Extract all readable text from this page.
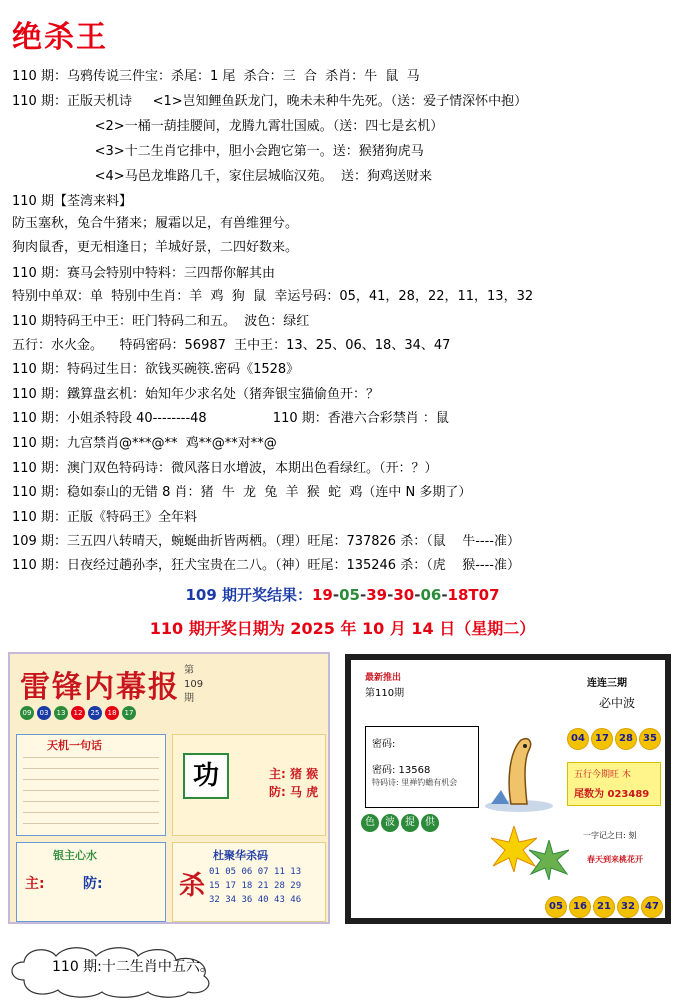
绝杀王
110 期：乌鸦传说三件宝：杀尾：1 尾  杀合：三  合  杀肖：牛  鼠  马
110 期：正版天机诗     <1>岂知鲤鱼跃龙门，晚未未种牛先死。（送：爱子情深怀中抱）
<2>一桶一葫挂腰间，龙腾九霄壮国威。（送：四七是玄机）
<3>十二生肖它排中，胆小会跑它第一。送：猴猪狗虎马
<4>马邑龙堆路几千，家住层城临汉苑。  送：狗鸡送财来
110 期【荃湾来料】
防玉塞秋，兔合牛猪来；履霜以足，有兽维狸兮。
狗肉鼠香，更无相逢日；羊城好景，二四好数来。
110 期：赛马会特别中特料：三四帮你解其由
特别中单双：单  特别中生肖：羊  鸡  狗  鼠  幸运号码：05，41，28，22，11，13，32
110 期特码王中王：旺门特码二和五。  波色：绿红
五行：水火金。    特码密码：56987  王中王：13、25、06、18、34、47
110 期：特码过生日：欲钱买碗筷.密码《1528》
110 期：鐵算盘玄机：始知年少求名处（猪奔银宝猫偷鱼开：？
110 期：小姐杀特段 40--------48                110 期：香港六合彩禁肖 ：鼠
110 期：九宫禁肖@***@**  鸡**@**对**@
110 期：澳门双色特码诗：微风落日水增波，本期出色看绿红。（开：？）
110 期：稳如泰山的无错 8 肖：猪  牛  龙  兔  羊  猴  蛇  鸡（连中 N 多期了）
110 期：正版《特码王》全年料
109 期：三五四八转晴天，蜿蜒曲折皆两栖。（理）旺尾：737826 杀：（鼠    牛----准）
110 期：日夜经过趟孙李，狂犬宝贵在二八。（神）旺尾：135246 杀：（虎    猴----准）
109 期开奖结果：19-05-39-30-06-18T07
110 期开奖日期为 2025 年 10 月 14 日（星期二）
雷锋内幕报 第109期
09	03	13	12	25	18	17
天机一句话
功	主: 猪 猴
防: 马 虎
银主心水
主:	防:
杜聚华杀码
杀 01 05 06 07 11 13
15 17 18 21 28 29
32 34 36 40 43 46
最新推出
第110期
连连三期
必中波
04	17	28	35
密码:
密码: 13568
特码诗: 里禅钓蟾有机会
五行今期旺 木
尾数为 023489
色	波	提	供
一字记之曰: 刻
春天到来桃花开
05	16	21	32	47
110 期:十二生肖中五六。
